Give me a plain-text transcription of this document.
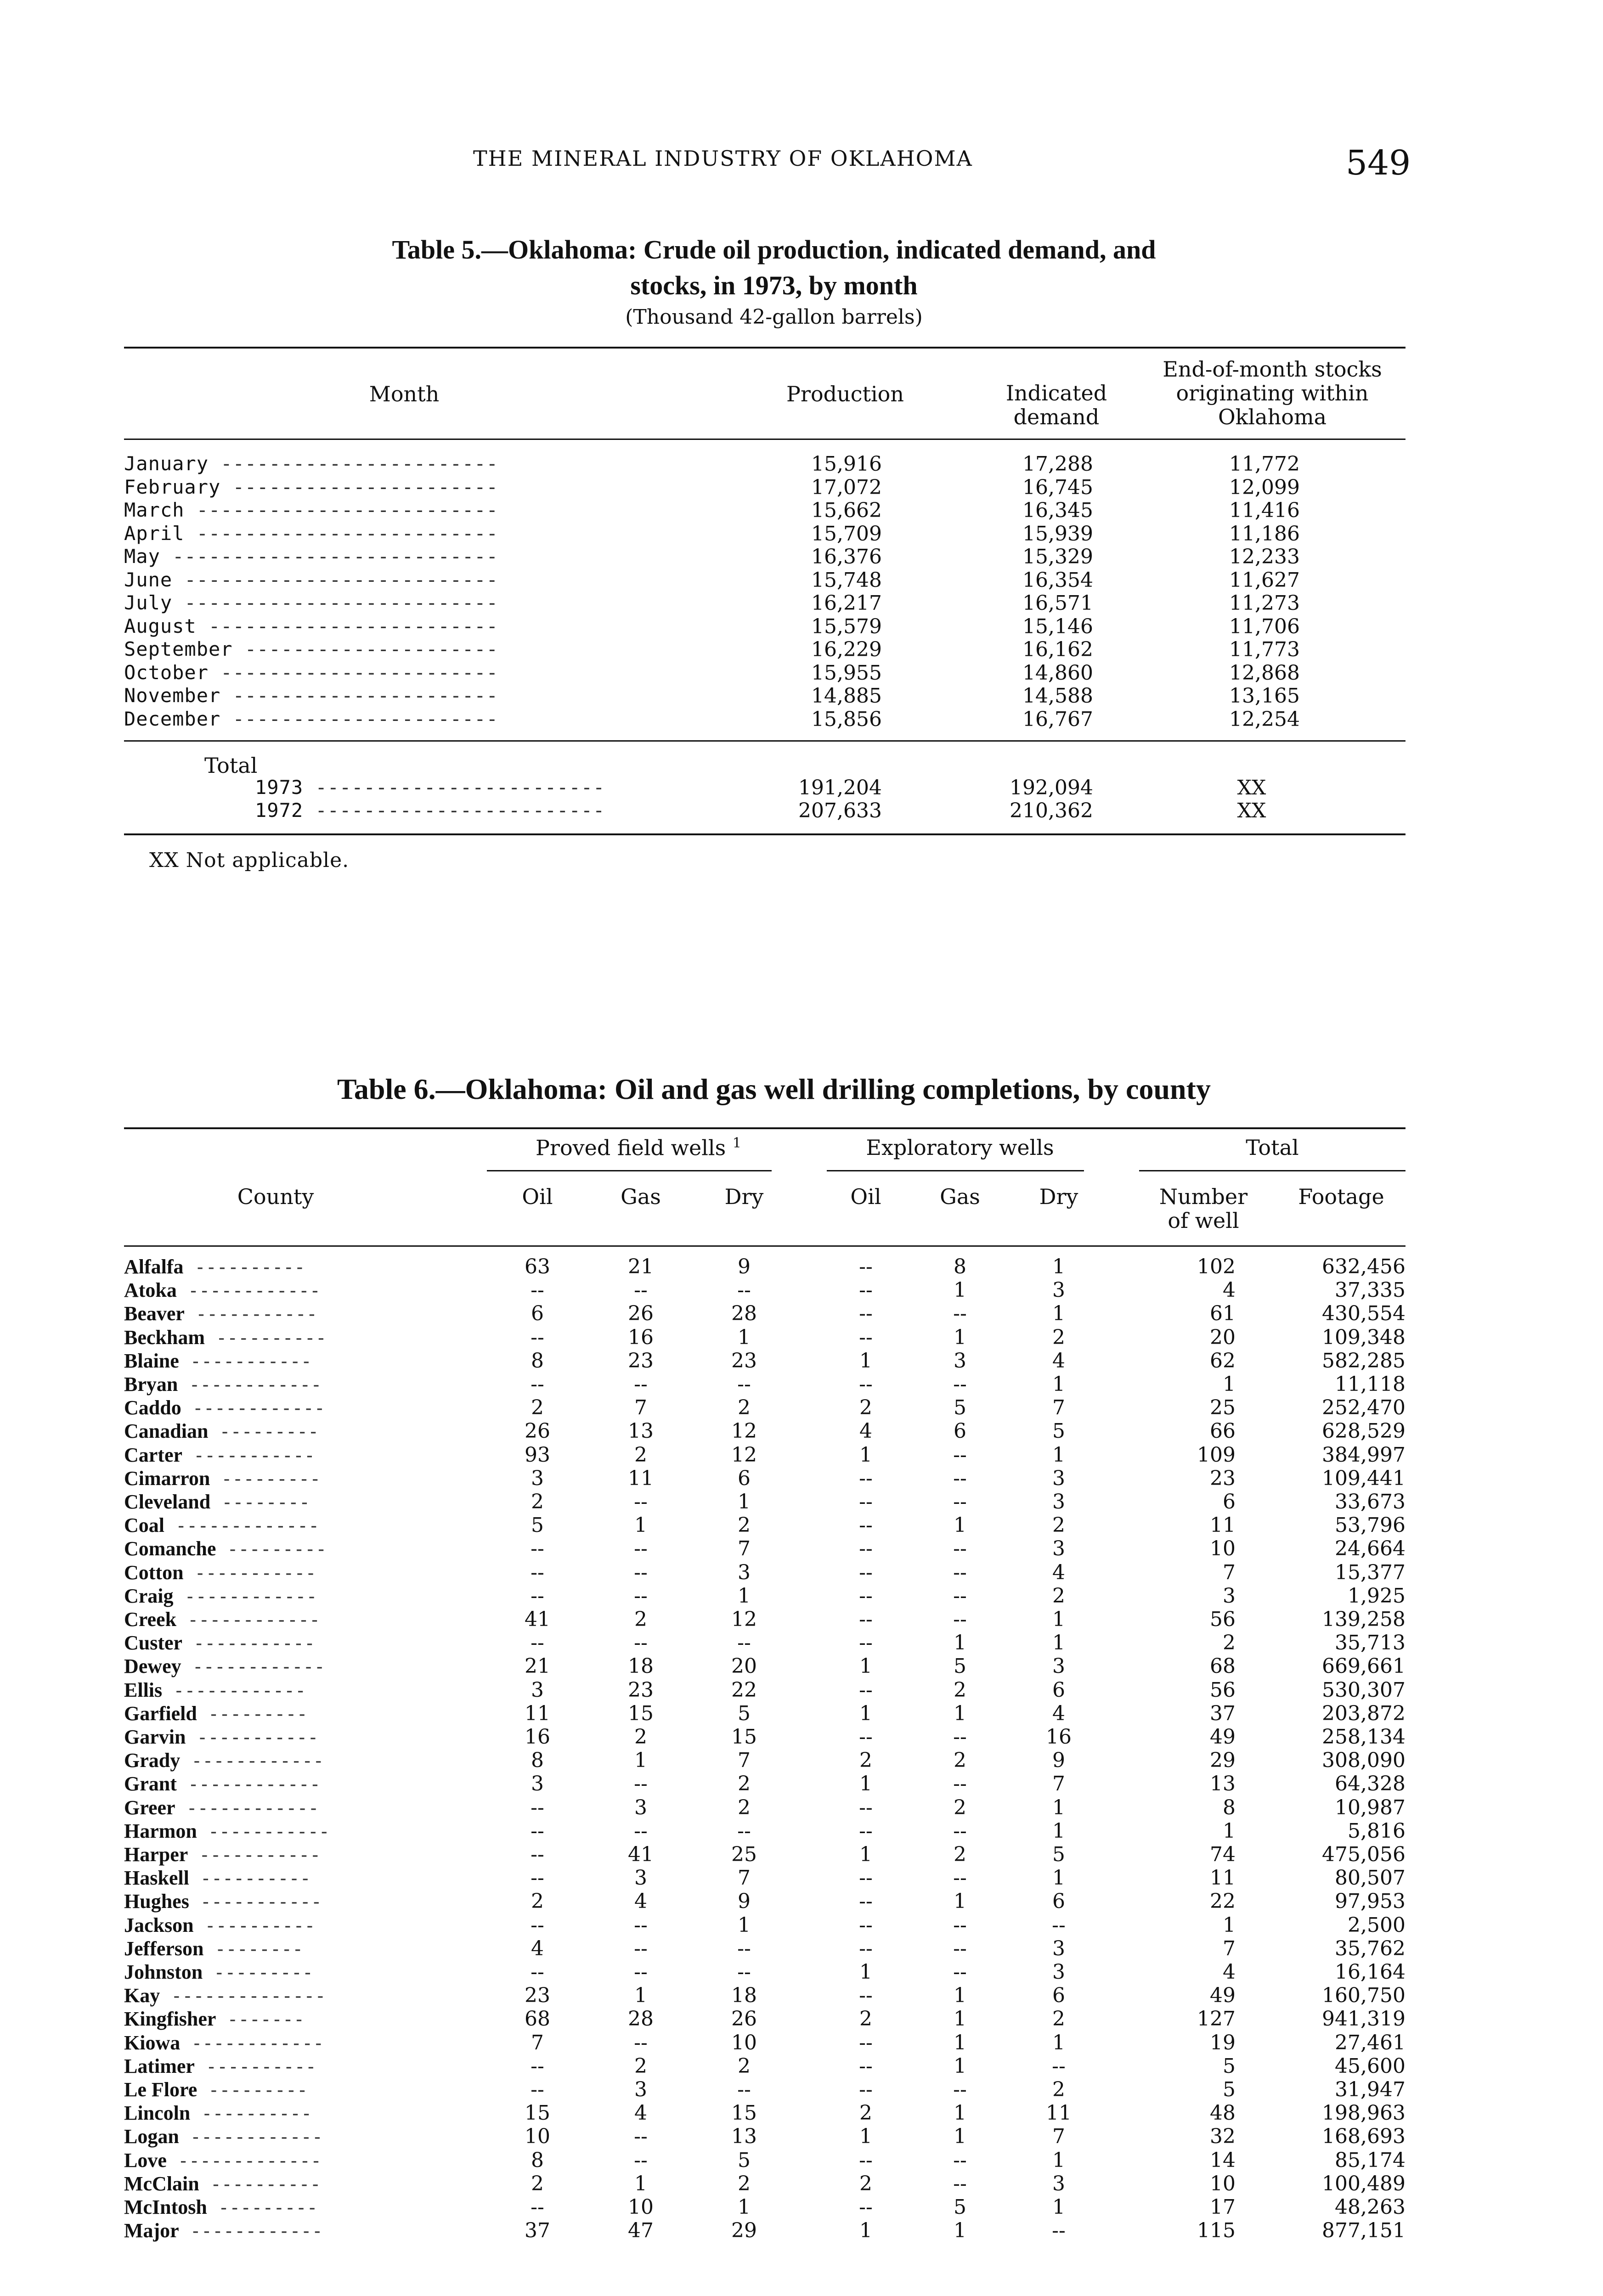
THE MINERAL INDUSTRY OF OKLAHOMA	549
Table 5.—Oklahoma: Crude oil production, indicated demand, and
stocks, in 1973, by month
(Thousand 42-gallon barrels)
Month	Production	Indicated
demand
End-of-month stocks
originating within
Oklahoma
January -----------------------	15,916	17,288	11,772
February ----------------------	17,072	16,745	12,099
March -------------------------	15,662	16,345	11,416
April -------------------------	15,709	15,939	11,186
May ---------------------------	16,376	15,329	12,233
June --------------------------	15,748	16,354	11,627
July --------------------------	16,217	16,571	11,273
August ------------------------	15,579	15,146	11,706
September ---------------------	16,229	16,162	11,773
October -----------------------	15,955	14,860	12,868
November ----------------------	14,885	14,588	13,165
December ----------------------	15,856	16,767	12,254
Total
1973 ------------------------	191,204	192,094	XX
1972 ------------------------	207,633	210,362	XX
XX Not applicable.
Table 6.—Oklahoma: Oil and gas well drilling completions, by county
Proved field wells $^1$	Exploratory wells	Total
County	Oil	Gas	Dry	Oil	Gas	Dry	Number
of well
Footage
Alfalfa ----------	63	21	9	--	8	1	102	632,456
Atoka ------------	--	--	--	--	1	3	4	37,335
Beaver -----------	6	26	28	--	--	1	61	430,554
Beckham ----------	--	16	1	--	1	2	20	109,348
Blaine -----------	8	23	23	1	3	4	62	582,285
Bryan ------------	--	--	--	--	--	1	1	11,118
Caddo ------------	2	7	2	2	5	7	25	252,470
Canadian ---------	26	13	12	4	6	5	66	628,529
Carter -----------	93	2	12	1	--	1	109	384,997
Cimarron ---------	3	11	6	--	--	3	23	109,441
Cleveland --------	2	--	1	--	--	3	6	33,673
Coal -------------	5	1	2	--	1	2	11	53,796
Comanche ---------	--	--	7	--	--	3	10	24,664
Cotton -----------	--	--	3	--	--	4	7	15,377
Craig ------------	--	--	1	--	--	2	3	1,925
Creek ------------	41	2	12	--	--	1	56	139,258
Custer -----------	--	--	--	--	1	1	2	35,713
Dewey ------------	21	18	20	1	5	3	68	669,661
Ellis ------------	3	23	22	--	2	6	56	530,307
Garfield ---------	11	15	5	1	1	4	37	203,872
Garvin -----------	16	2	15	--	--	16	49	258,134
Grady ------------	8	1	7	2	2	9	29	308,090
Grant ------------	3	--	2	1	--	7	13	64,328
Greer ------------	--	3	2	--	2	1	8	10,987
Harmon -----------	--	--	--	--	--	1	1	5,816
Harper -----------	--	41	25	1	2	5	74	475,056
Haskell ----------	--	3	7	--	--	1	11	80,507
Hughes -----------	2	4	9	--	1	6	22	97,953
Jackson ----------	--	--	1	--	--	--	1	2,500
Jefferson --------	4	--	--	--	--	3	7	35,762
Johnston ---------	--	--	--	1	--	3	4	16,164
Kay --------------	23	1	18	--	1	6	49	160,750
Kingfisher -------	68	28	26	2	1	2	127	941,319
Kiowa ------------	7	--	10	--	1	1	19	27,461
Latimer ----------	--	2	2	--	1	--	5	45,600
Le Flore ---------	--	3	--	--	--	2	5	31,947
Lincoln ----------	15	4	15	2	1	11	48	198,963
Logan ------------	10	--	13	1	1	7	32	168,693
Love -------------	8	--	5	--	--	1	14	85,174
McClain ----------	2	1	2	2	--	3	10	100,489
McIntosh ---------	--	10	1	--	5	1	17	48,263
Major ------------	37	47	29	1	1	--	115	877,151
